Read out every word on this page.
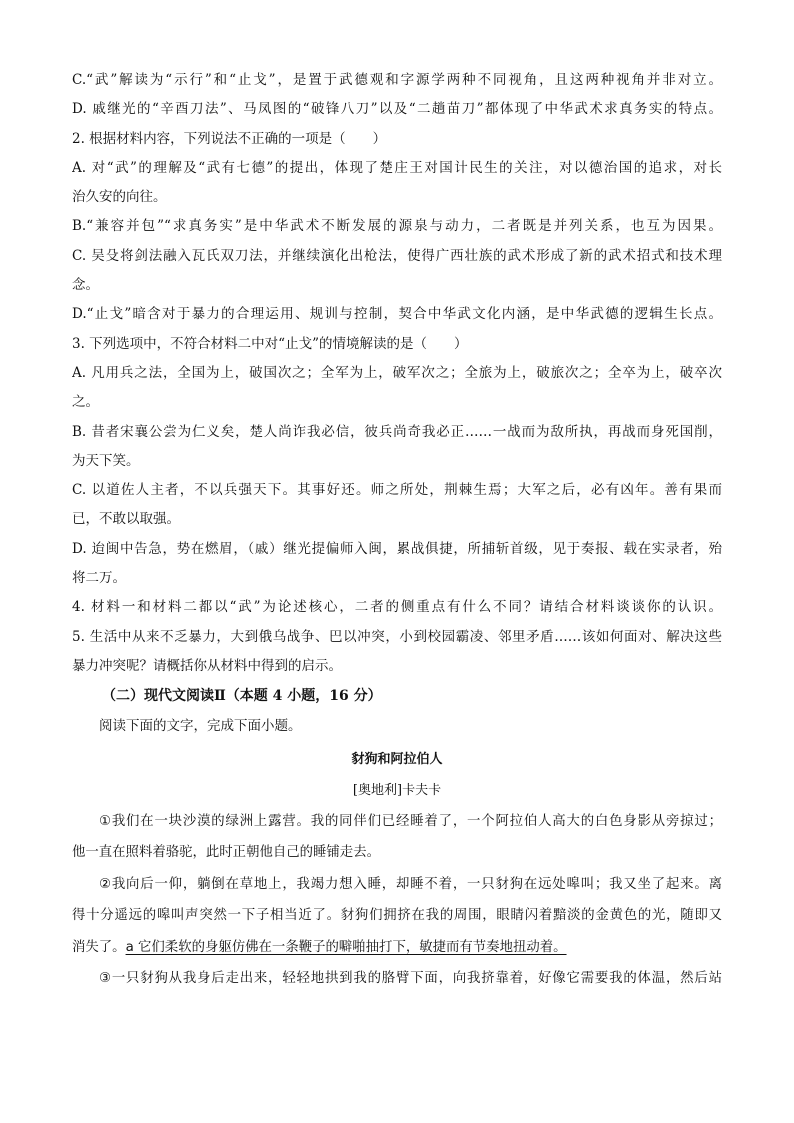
C.“武”解读为“示行”和“止戈”，是置于武德观和字源学两种不同视角，且这两种视角并非对立。
D. 戚继光的“辛酉刀法”、马凤图的“破锋八刀”以及“二趟苗刀”都体现了中华武术求真务实的特点。
2. 根据材料内容，下列说法不正确的一项是（　　）
A. 对“武”的理解及“武有七德”的提出，体现了楚庄王对国计民生的关注，对以德治国的追求，对长
治久安的向往。
B.“兼容并包”“求真务实”是中华武术不断发展的源泉与动力，二者既是并列关系，也互为因果。
C. 吴殳将剑法融入瓦氏双刀法，并继续演化出枪法，使得广西壮族的武术形成了新的武术招式和技术理
念。
D.“止戈”暗含对于暴力的合理运用、规训与控制，契合中华武文化内涵，是中华武德的逻辑生长点。
3. 下列选项中，不符合材料二中对“止戈”的情境解读的是（　　）
A. 凡用兵之法，全国为上，破国次之；全军为上，破军次之；全旅为上，破旅次之；全卒为上，破卒次
之。
B. 昔者宋襄公尝为仁义矣，楚人尚诈我必信，彼兵尚奇我必正……一战而为敌所执，再战而身死国削，
为天下笑。
C. 以道佐人主者，不以兵强天下。其事好还。师之所处，荆棘生焉；大军之后，必有凶年。善有果而
已，不敢以取强。
D. 迨闽中告急，势在燃眉，（戚）继光提偏师入闽，累战俱捷，所捕斩首级，见于奏报、载在实录者，殆
将二万。
4. 材料一和材料二都以“武”为论述核心，二者的侧重点有什么不同？请结合材料谈谈你的认识。
5. 生活中从来不乏暴力，大到俄乌战争、巴以冲突，小到校园霸凌、邻里矛盾……该如何面对、解决这些
暴力冲突呢？请概括你从材料中得到的启示。
（二）现代文阅读Ⅱ（本题 4 小题，16 分）
阅读下面的文字，完成下面小题。
豺狗和阿拉伯人
[奥地利]卡夫卡
①我们在一块沙漠的绿洲上露营。我的同伴们已经睡着了，一个阿拉伯人高大的白色身影从旁掠过；
他一直在照料着骆驼，此时正朝他自己的睡铺走去。
②我向后一仰，躺倒在草地上，我竭力想入睡，却睡不着，一只豺狗在远处嗥叫；我又坐了起来。离
得十分遥远的嗥叫声突然一下子相当近了。豺狗们拥挤在我的周围，眼睛闪着黯淡的金黄色的光，随即又
消失了。a 它们柔软的身躯仿佛在一条鞭子的噼啪抽打下，敏捷而有节奏地扭动着。
③一只豺狗从我身后走出来，轻轻地拱到我的胳臂下面，向我挤靠着，好像它需要我的体温，然后站
